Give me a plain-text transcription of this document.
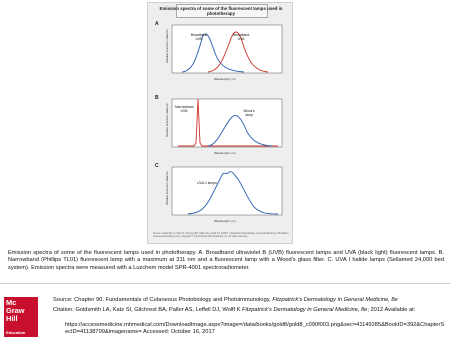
Emission spectra of some of the fluorescent lamps used in phototherapy
A
Broadband UVB
Broadband UVA
Relative spectral irradiance
Wavelength, nm
B
Narrowband UVB	Wood's lamp
Relative spectral irradiance
Wavelength, nm
C
UVA-1 lamps
Relative spectral irradiance
Wavelength, nm
Source: Goldsmith LA, Katz SI, Gilchrest BA, Paller AS, Leffell DJ, Wolff K. Fitzpatrick's Dermatology in General Medicine, 8th Edition. www.accessmedicine.com. Copyright © The McGraw-Hill Companies, Inc. All rights reserved.
Emission spectra of some of the fluorescent lamps used in phototherapy. A. Broadband ultraviolet B (UVB) fluorescent lamps and UVA (black light) fluorescent lamps. B. Narrowband (Phillips TL01) fluorescent lamp with a maximum at 311 nm and a fluorescent lamp with a Wood's glass filter. C. UVA I halide lamps (Sellamed 24,000 bed system). Emission spectra were measured with a Luzchem model SPR-4001 spectroradiometer.
Mc
Graw
Hill
Education
Source: Chapter 90. Fundamentals of Cutaneous Photobiology and Photoimmunology, Fitzpatrick's Dermatology in General Medicine, 8e
Citation: Goldsmith LA, Katz SI, Gilchrest BA, Paller AS, Leffell DJ, Wolff K Fitzpatrick's Dermatology in General Medicine, 8e; 2012 Available at:
https://accessmedicine.mhmedical.com/DownloadImage.aspx?image=/data/books/gold8/gold8_c090f003.png&sec=41149285&BookID=392&ChapterSecID=41138799&imagename= Accessed: October 16, 2017
